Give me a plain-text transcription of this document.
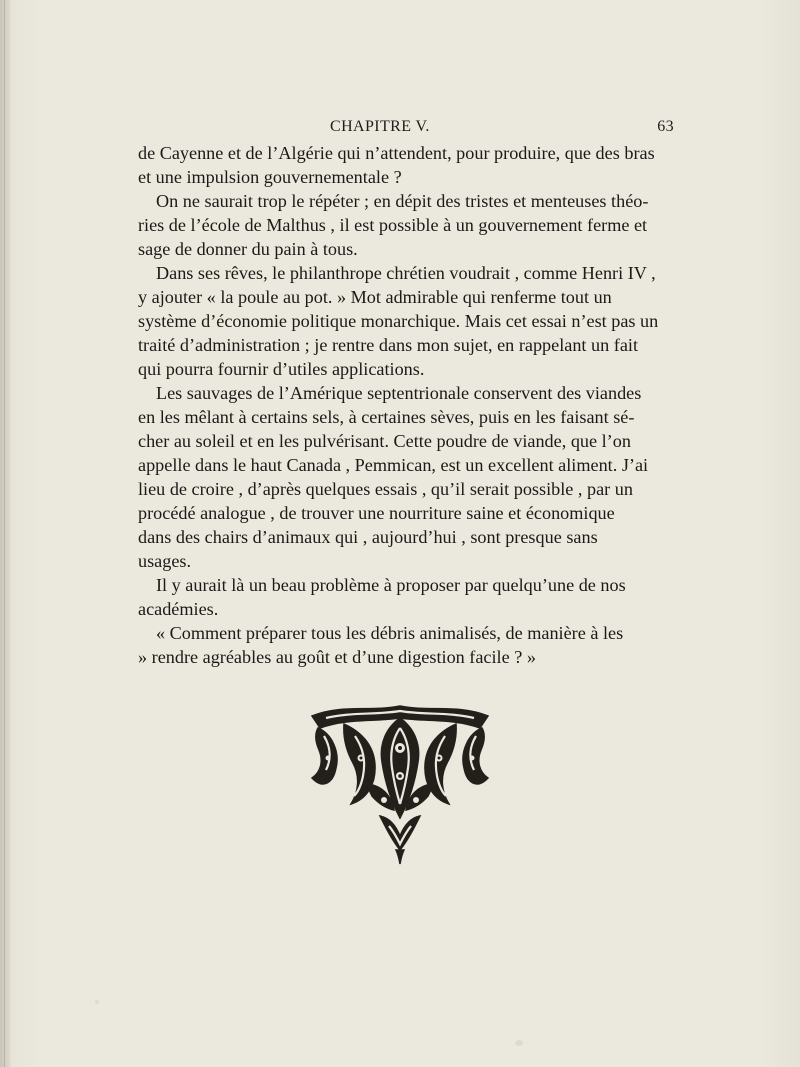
CHAPITRE V.	63
de Cayenne et de l’Algérie qui n’attendent, pour produire, que des bras
et une impulsion gouvernementale ?
On ne saurait trop le répéter ; en dépit des tristes et menteuses théo-
ries de l’école de Malthus , il est possible à un gouvernement ferme et
sage de donner du pain à tous.
Dans ses rêves, le philanthrope chrétien voudrait , comme Henri IV ,
y ajouter « la poule au pot. » Mot admirable qui renferme tout un
système d’économie politique monarchique. Mais cet essai n’est pas un
traité d’administration ; je rentre dans mon sujet, en rappelant un fait
qui pourra fournir d’utiles applications.
Les sauvages de l’Amérique septentrionale conservent des viandes
en les mêlant à certains sels, à certaines sèves, puis en les faisant sé-
cher au soleil et en les pulvérisant. Cette poudre de viande, que l’on
appelle dans le haut Canada , Pemmican, est un excellent aliment. J’ai
lieu de croire , d’après quelques essais , qu’il serait possible , par un
procédé analogue , de trouver une nourriture saine et économique
dans des chairs d’animaux qui , aujourd’hui , sont presque sans
usages.
Il y aurait là un beau problème à proposer par quelqu’une de nos
académies.
« Comment préparer tous les débris animalisés, de manière à les
» rendre agréables au goût et d’une digestion facile ? »
